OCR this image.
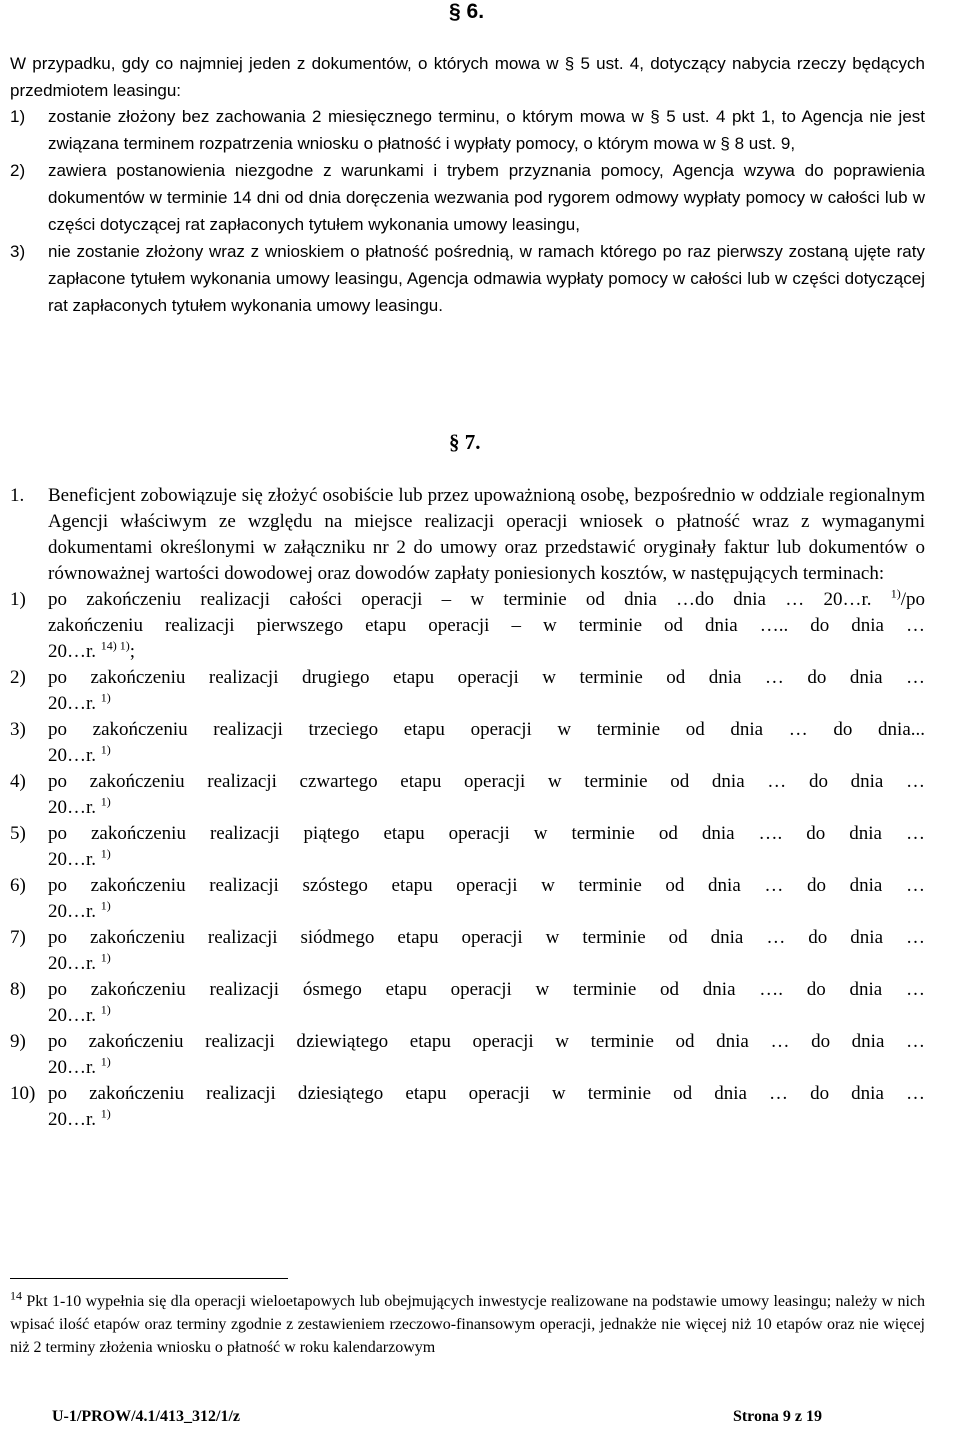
§ 6.
W przypadku, gdy co najmniej jeden z dokumentów, o których mowa w § 5 ust. 4, dotyczący nabycia rzeczy będących przedmiotem leasingu:
1) zostanie złożony bez zachowania 2 miesięcznego terminu, o którym mowa w § 5 ust. 4 pkt 1, to Agencja nie jest związana terminem rozpatrzenia wniosku o płatność i wypłaty pomocy, o którym mowa w § 8 ust. 9,
2) zawiera postanowienia niezgodne z warunkami i trybem przyznania pomocy, Agencja wzywa do poprawienia dokumentów w terminie 14 dni od dnia doręczenia wezwania pod rygorem odmowy wypłaty pomocy w całości lub w części dotyczącej rat zapłaconych tytułem wykonania umowy leasingu,
3) nie zostanie złożony wraz z wnioskiem o płatność pośrednią, w ramach którego po raz pierwszy zostaną ujęte raty zapłacone tytułem wykonania umowy leasingu, Agencja odmawia wypłaty pomocy w całości lub w części dotyczącej rat zapłaconych tytułem wykonania umowy leasingu.
§ 7.
1. Beneficjent zobowiązuje się złożyć osobiście lub przez upoważnioną osobę, bezpośrednio w oddziale regionalnym Agencji właściwym ze względu na miejsce realizacji operacji wniosek o płatność wraz z wymaganymi dokumentami określonymi w załączniku nr 2 do umowy oraz przedstawić oryginały faktur lub dokumentów o równoważnej wartości dowodowej oraz dowodów zapłaty poniesionych kosztów, w następujących terminach:
1) po zakończeniu realizacji całości operacji – w terminie od dnia …do dnia … 20…r. $^{1)}$/po
zakończeniu realizacji pierwszego etapu operacji – w terminie od dnia ….. do dnia …
20…r. $^{14) 1)}$;
2) po zakończeniu realizacji drugiego etapu operacji w terminie od dnia … do dnia …
20…r. $^{1)}$
3) po zakończeniu realizacji trzeciego etapu operacji w terminie od dnia … do dnia...
20…r. $^{1)}$
4) po zakończeniu realizacji czwartego etapu operacji w terminie od dnia … do dnia …
20…r. $^{1)}$
5) po zakończeniu realizacji piątego etapu operacji w terminie od dnia …. do dnia …
20…r. $^{1)}$
6) po zakończeniu realizacji szóstego etapu operacji w terminie od dnia … do dnia …
20…r. $^{1)}$
7) po zakończeniu realizacji siódmego etapu operacji w terminie od dnia … do dnia …
20…r. $^{1)}$
8) po zakończeniu realizacji ósmego etapu operacji w terminie od dnia …. do dnia …
20…r. $^{1)}$
9) po zakończeniu realizacji dziewiątego etapu operacji w terminie od dnia … do dnia …
20…r. $^{1)}$
10) po zakończeniu realizacji dziesiątego etapu operacji w terminie od dnia … do dnia …
20…r. $^{1)}$
$^{14}$ Pkt 1-10 wypełnia się dla operacji wieloetapowych lub obejmujących inwestycje realizowane na podstawie umowy leasingu; należy w nich wpisać ilość etapów oraz terminy zgodnie z zestawieniem rzeczowo-finansowym operacji, jednakże nie więcej niż 10 etapów oraz nie więcej niż 2 terminy złożenia wniosku o płatność w roku kalendarzowym
U-1/PROW/4.1/413_312/1/z	Strona 9 z 19
